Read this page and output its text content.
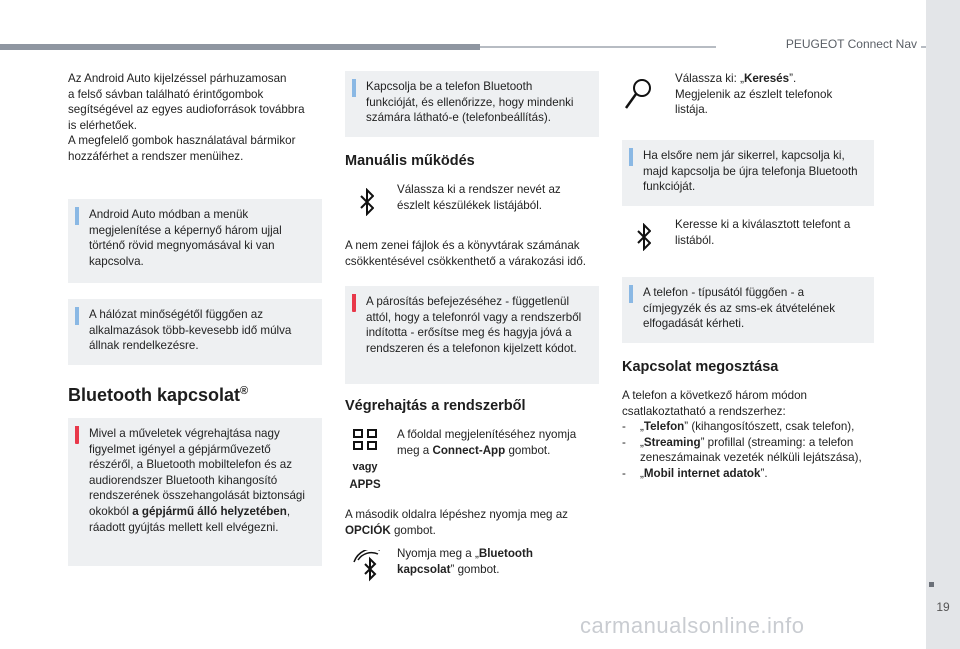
PEUGEOT Connect Nav
Az Android Auto kijelzéssel párhuzamosan
a felső sávban található érintőgombok
segítségével az egyes audioforrások továbbra
is elérhetőek.
A megfelelő gombok használatával bármikor
hozzáférhet a rendszer menüihez.
Android Auto módban a menük
megjelenítése a képernyő három ujjal
történő rövid megnyomásával ki van
kapcsolva.
A hálózat minőségétől függően az
alkalmazások több-kevesebb idő múlva
állnak rendelkezésre.
Bluetooth kapcsolat®
Mivel a műveletek végrehajtása nagy
figyelmet igényel a gépjárművezető
részéről, a Bluetooth mobiltelefon és az
audiorendszer Bluetooth kihangosító
rendszerének összehangolását biztonsági
okokból a gépjármű álló helyzetében,
ráadott gyújtás mellett kell elvégezni.
Kapcsolja be a telefon Bluetooth
funkcióját, és ellenőrizze, hogy mindenki
számára látható-e (telefonbeállítás).
Manuális működés
Válassza ki a rendszer nevét az
észlelt készülékek listájából.
A nem zenei fájlok és a könyvtárak számának
csökkentésével csökkenthető a várakozási idő.
A párosítás befejezéséhez - függetlenül
attól, hogy a telefonról vagy a rendszerből
indította - erősítse meg és hagyja jóvá a
rendszeren és a telefonon kijelzett kódot.
Végrehajtás a rendszerből
vagy
APPS
A főoldal megjelenítéséhez nyomja
meg a Connect-App gombot.
A második oldalra lépéshez nyomja meg az
OPCIÓK gombot.
Nyomja meg a „Bluetooth
kapcsolat” gombot.
Válassza ki: „Keresés”.
Megjelenik az észlelt telefonok
listája.
Ha elsőre nem jár sikerrel, kapcsolja ki,
majd kapcsolja be újra telefonja Bluetooth
funkcióját.
Keresse ki a kiválasztott telefont a
listából.
A telefon - típusától függően - a
címjegyzék és az sms-ek átvételének
elfogadását kérheti.
Kapcsolat megosztása
A telefon a következő három módon
csatlakoztatható a rendszerhez:
- „Telefon” (kihangosítószett, csak telefon),
- „Streaming” profillal (streaming: a telefon
zeneszámainak vezeték nélküli lejátszása),
- „Mobil internet adatok”.
19
carmanualsonline.info
